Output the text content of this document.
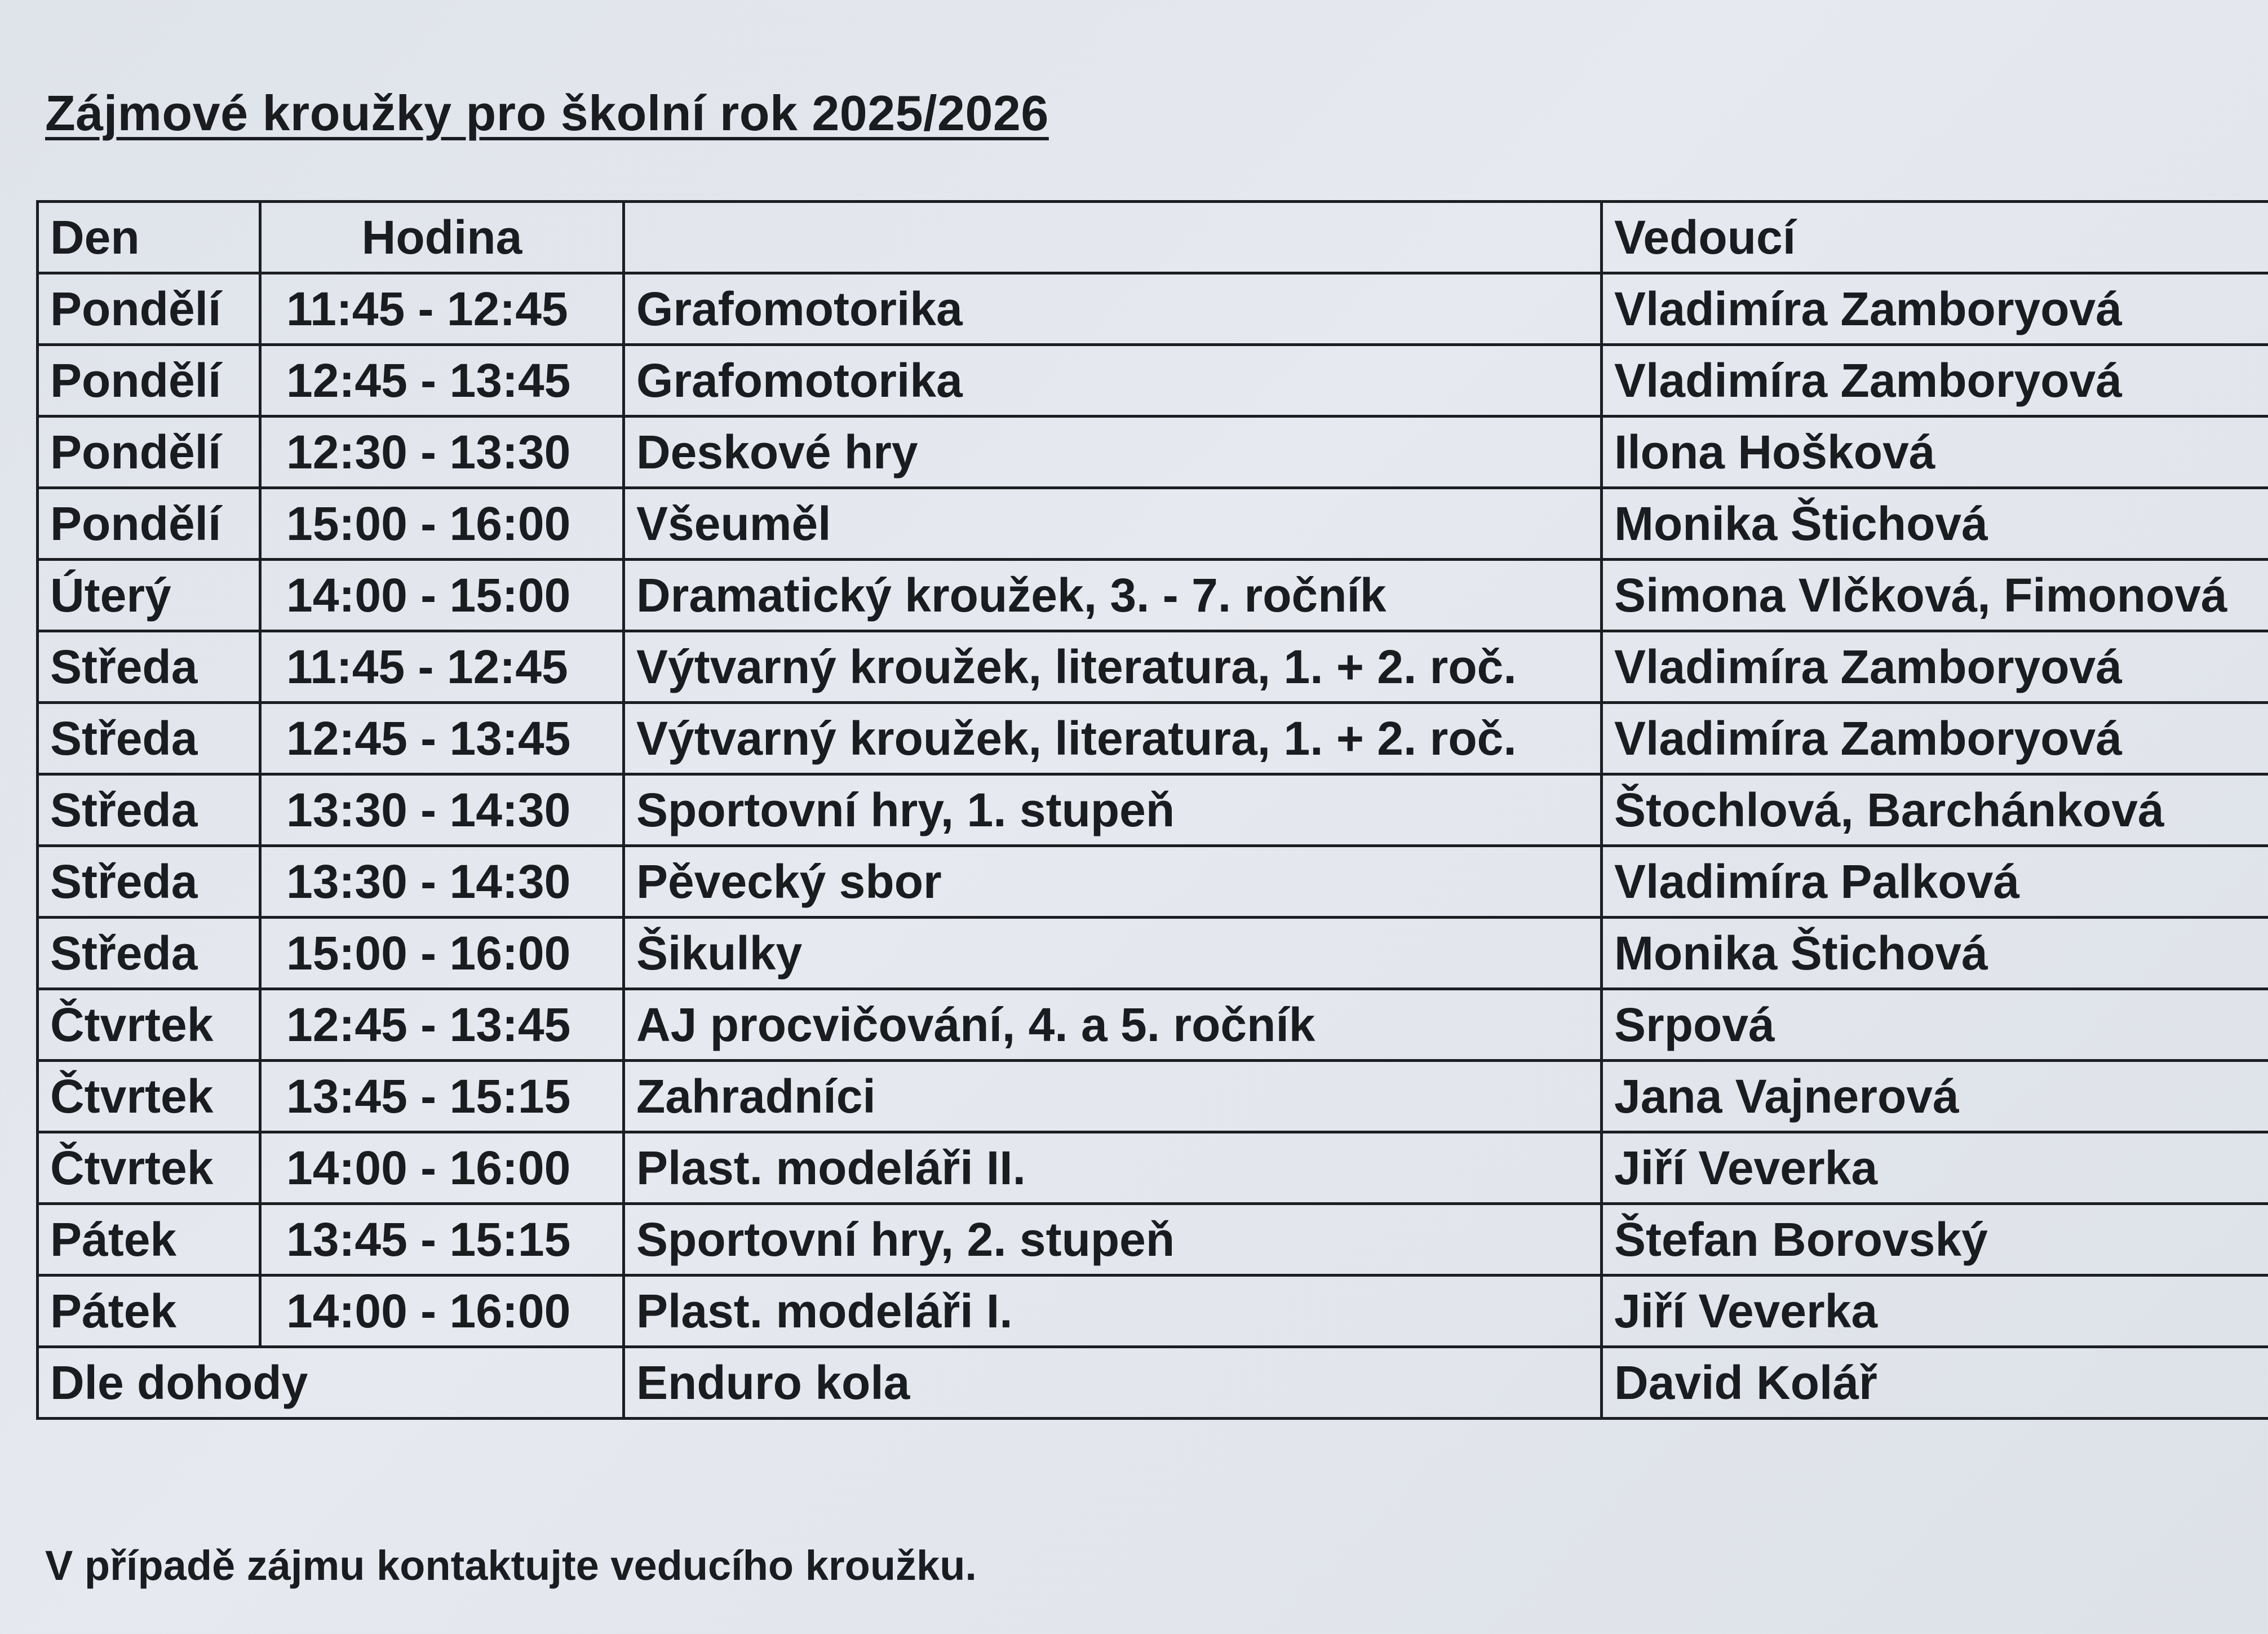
Zájmové kroužky pro školní rok 2025/2026
Den	Hodina		Vedoucí
Pondělí	11:45 - 12:45	Grafomotorika	Vladimíra Zamboryová
Pondělí	12:45 - 13:45	Grafomotorika	Vladimíra Zamboryová
Pondělí	12:30 - 13:30	Deskové hry	Ilona Hošková
Pondělí	15:00 - 16:00	Všeuměl	Monika Štichová
Úterý	14:00 - 15:00	Dramatický kroužek, 3. - 7. ročník	Simona Vlčková, Fimonová
Středa	11:45 - 12:45	Výtvarný kroužek, literatura, 1. + 2. roč.	Vladimíra Zamboryová
Středa	12:45 - 13:45	Výtvarný kroužek, literatura, 1. + 2. roč.	Vladimíra Zamboryová
Středa	13:30 - 14:30	Sportovní hry, 1. stupeň	Štochlová, Barchánková
Středa	13:30 - 14:30	Pěvecký sbor	Vladimíra Palková
Středa	15:00 - 16:00	Šikulky	Monika Štichová
Čtvrtek	12:45 - 13:45	AJ procvičování, 4. a 5. ročník	Srpová
Čtvrtek	13:45 - 15:15	Zahradníci	Jana Vajnerová
Čtvrtek	14:00 - 16:00	Plast. modeláři II.	Jiří Veverka
Pátek	13:45 - 15:15	Sportovní hry, 2. stupeň	Štefan Borovský
Pátek	14:00 - 16:00	Plast. modeláři I.	Jiří Veverka
Dle dohody		Enduro kola	David Kolář
V případě zájmu kontaktujte veducího kroužku.
